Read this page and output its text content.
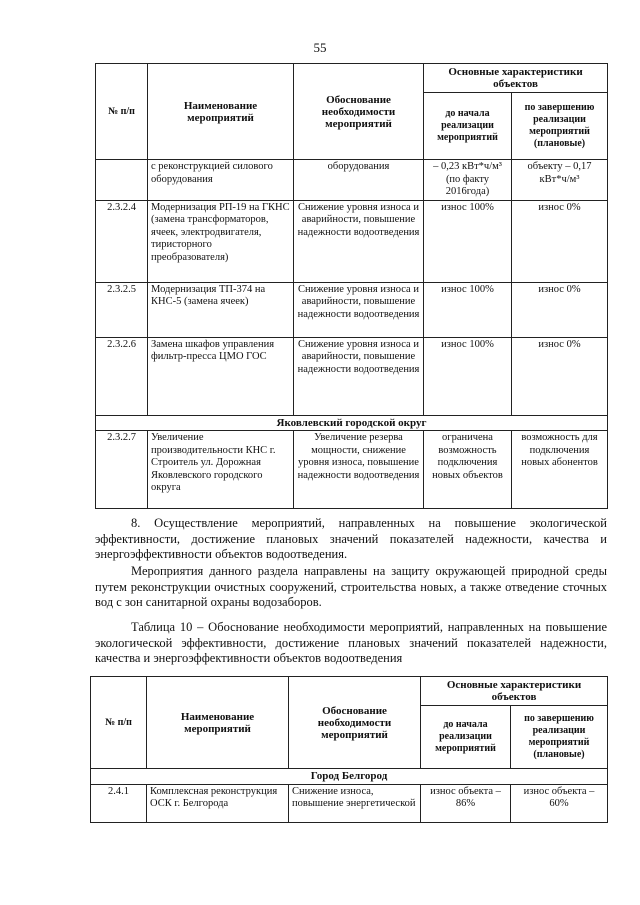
55
№ п/п	Наименование мероприятий	Обоснование необходимости мероприятий	Основные характеристики объектов	
			до начала реализации мероприятий	по завершению реализации мероприятий (плановые)
	с реконструкцией силового оборудования	оборудования	– 0,23 кВт*ч/м³ (по факту 2016года)	объекту – 0,17 кВт*ч/м³
2.3.2.4	Модернизация РП-19 на ГКНС (замена трансформаторов, ячеек, электродвигателя, тиристорного преобразователя)	Снижение уровня износа и аварийности, повышение надежности водоотведения	износ 100%	износ 0%
2.3.2.5	Модернизация ТП-374 на КНС-5 (замена ячеек)	Снижение уровня износа и аварийности, повышение надежности водоотведения	износ 100%	износ 0%
2.3.2.6	Замена шкафов управления фильтр-пресса ЦМО ГОС	Снижение уровня износа и аварийности, повышение надежности водоотведения	износ 100%	износ 0%
Яковлевский городской округ				
2.3.2.7	Увеличение производительности КНС г. Строитель ул. Дорожная Яковлевского городского округа	Увеличение резерва мощности, снижение уровня износа, повышение надежности водоотведения	ограничена возможность подключения новых объектов	возможность для подключения новых абонентов
8. Осуществление мероприятий, направленных на повышение экологической эффективности, достижение плановых значений показателей надежности, качества и энергоэффективности объектов водоотведения.
Мероприятия данного раздела направлены на защиту окружающей природной среды путем реконструкции очистных сооружений, строительства новых, а также отведение сточных вод с зон санитарной охраны водозаборов.
Таблица 10 – Обоснование необходимости мероприятий, направленных на повышение экологической эффективности, достижение плановых значений показателей надежности, качества и энергоэффективности объектов водоотведения
№ п/п	Наименование мероприятий	Обоснование необходимости мероприятий	Основные характеристики объектов	
			до начала реализации мероприятий	по завершению реализации мероприятий (плановые)
Город Белгород				
2.4.1	Комплексная реконструкция ОСК г. Белгорода	Снижение износа, повышение энергетической	износ объекта – 86%	износ объекта – 60%
